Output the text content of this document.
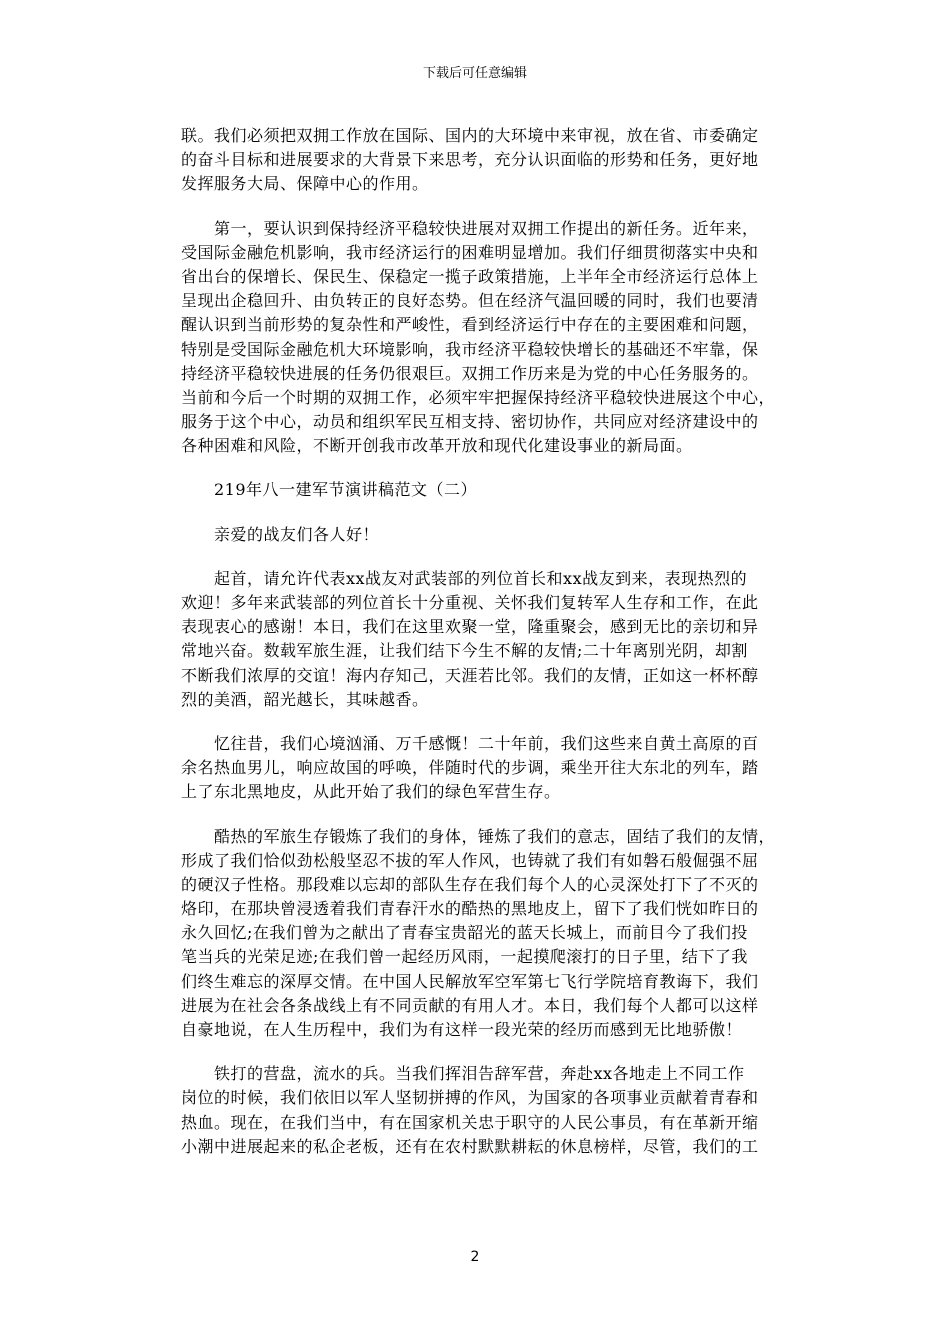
下载后可任意编辑
联。我们必须把双拥工作放在国际、国内的大环境中来审视，放在省、市委确定
的奋斗目标和进展要求的大背景下来思考，充分认识面临的形势和任务，更好地
发挥服务大局、保障中心的作用。
　　第一，要认识到保持经济平稳较快进展对双拥工作提出的新任务。近年来，
受国际金融危机影响，我市经济运行的困难明显增加。我们仔细贯彻落实中央和
省出台的保增长、保民生、保稳定一揽子政策措施，上半年全市经济运行总体上
呈现出企稳回升、由负转正的良好态势。但在经济气温回暖的同时，我们也要清
醒认识到当前形势的复杂性和严峻性，看到经济运行中存在的主要困难和问题，
特别是受国际金融危机大环境影响，我市经济平稳较快增长的基础还不牢靠，保
持经济平稳较快进展的任务仍很艰巨。双拥工作历来是为党的中心任务服务的。
当前和今后一个时期的双拥工作，必须牢牢把握保持经济平稳较快进展这个中心，
服务于这个中心，动员和组织军民互相支持、密切协作，共同应对经济建设中的
各种困难和风险，不断开创我市改革开放和现代化建设事业的新局面。
　　219年八一建军节演讲稿范文（二）
　　亲爱的战友们各人好！
　　起首，请允许代表xx战友对武装部的列位首长和xx战友到来，表现热烈的
欢迎！多年来武装部的列位首长十分重视、关怀我们复转军人生存和工作，在此
表现衷心的感谢！本日，我们在这里欢聚一堂，隆重聚会，感到无比的亲切和异
常地兴奋。数载军旅生涯，让我们结下今生不解的友情;二十年离别光阴，却割
不断我们浓厚的交谊！海内存知己，天涯若比邻。我们的友情，正如这一杯杯醇
烈的美酒，韶光越长，其味越香。
　　忆往昔，我们心境汹涌、万千感慨！二十年前，我们这些来自黄土高原的百
余名热血男儿，响应故国的呼唤，伴随时代的步调，乘坐开往大东北的列车，踏
上了东北黑地皮，从此开始了我们的绿色军营生存。
　　酷热的军旅生存锻炼了我们的身体，锤炼了我们的意志，固结了我们的友情，
形成了我们恰似劲松般坚忍不拔的军人作风，也铸就了我们有如磐石般倔强不屈
的硬汉子性格。那段难以忘却的部队生存在我们每个人的心灵深处打下了不灭的
烙印，在那块曾浸透着我们青春汗水的酷热的黑地皮上，留下了我们恍如昨日的
永久回忆;在我们曾为之献出了青春宝贵韶光的蓝天长城上，而前目今了我们投
笔当兵的光荣足迹;在我们曾一起经历风雨，一起摸爬滚打的日子里，结下了我
们终生难忘的深厚交情。在中国人民解放军空军第七飞行学院培育教诲下，我们
进展为在社会各条战线上有不同贡献的有用人才。本日，我们每个人都可以这样
自豪地说，在人生历程中，我们为有这样一段光荣的经历而感到无比地骄傲！
　　铁打的营盘，流水的兵。当我们挥泪告辞军营，奔赴xx各地走上不同工作
岗位的时候，我们依旧以军人坚韧拼搏的作风，为国家的各项事业贡献着青春和
热血。现在，在我们当中，有在国家机关忠于职守的人民公事员，有在革新开缩
小潮中进展起来的私企老板，还有在农村默默耕耘的休息榜样，尽管，我们的工
2
